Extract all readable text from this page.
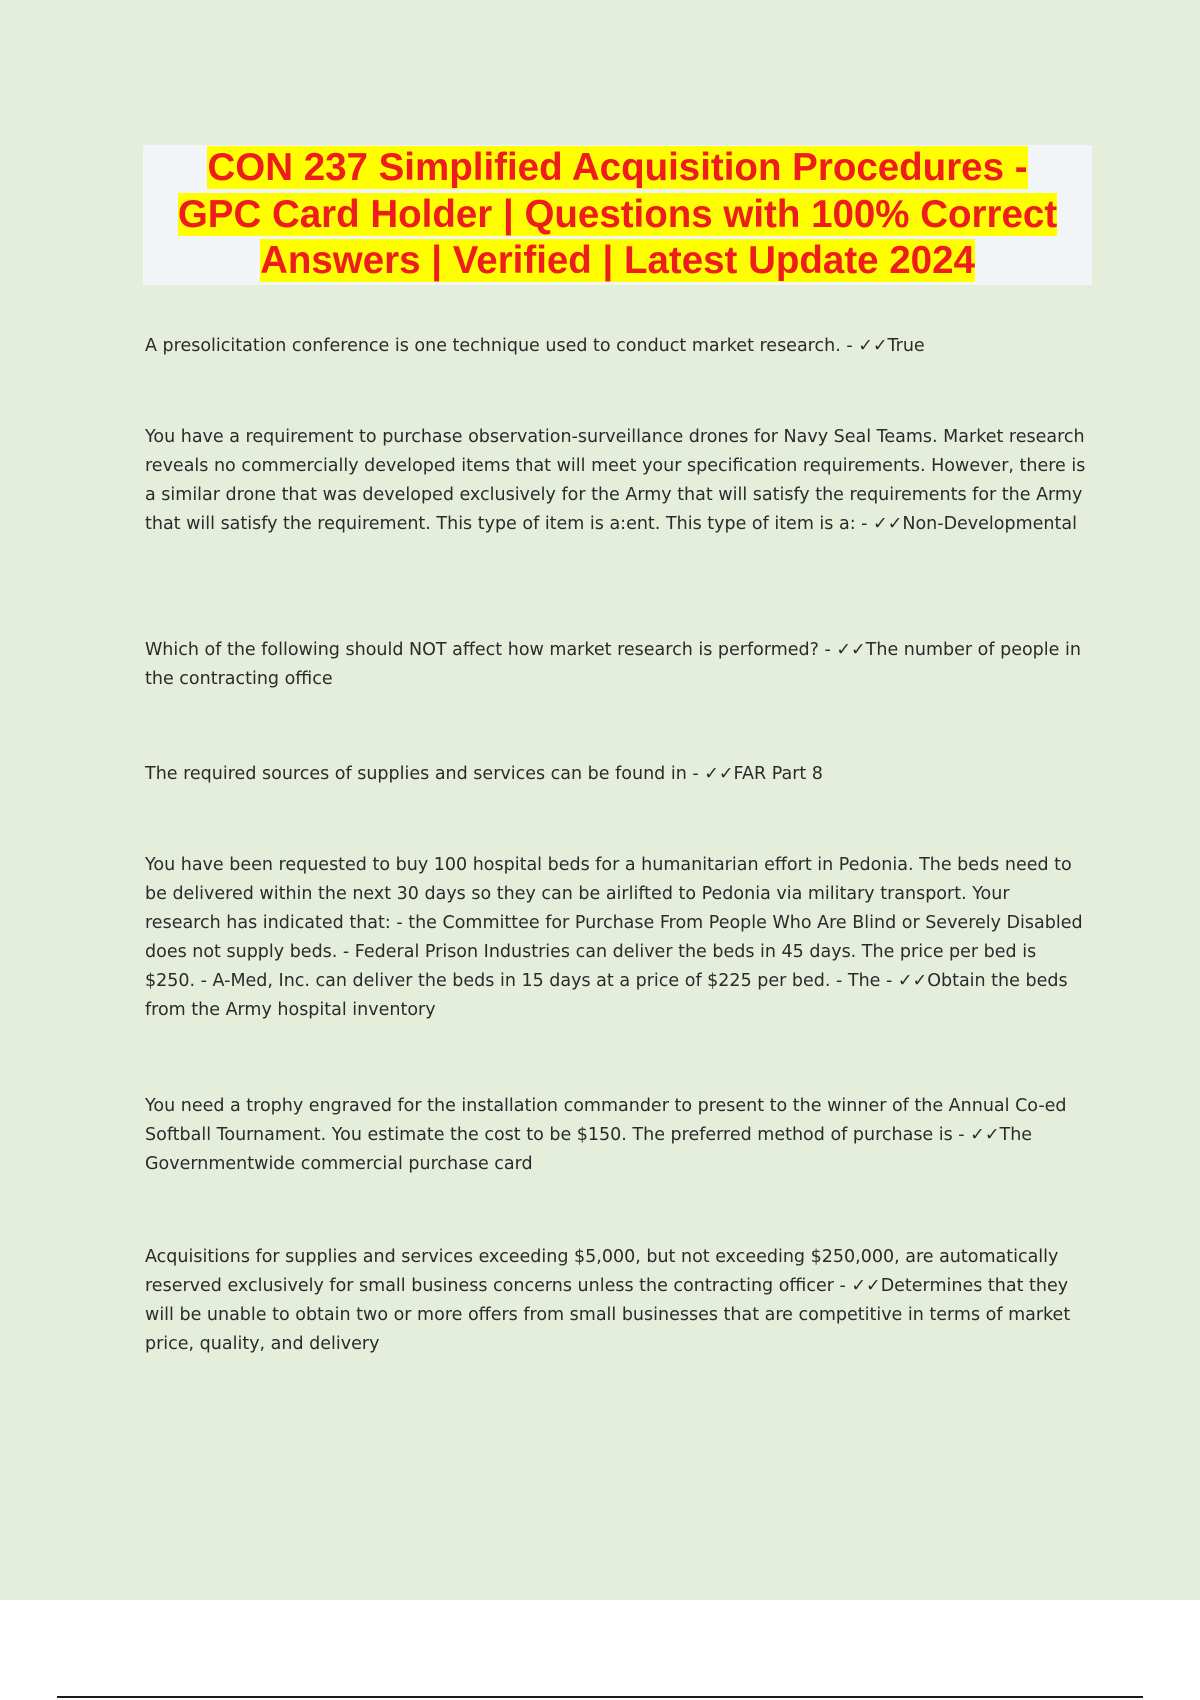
CON 237 Simplified Acquisition Procedures -
GPC Card Holder | Questions with 100% Correct
Answers | Verified | Latest Update 2024

A presolicitation conference is one technique used to conduct market research. - ✓✓True

You have a requirement to purchase observation-surveillance drones for Navy Seal Teams. Market research reveals no commercially developed items that will meet your specification requirements. However, there is a similar drone that was developed exclusively for the Army that will satisfy the requirements for the Army that will satisfy the requirement. This type of item is a:ent. This type of item is a: - ✓✓Non-Developmental

Which of the following should NOT affect how market research is performed? - ✓✓The number of people in the contracting office

The required sources of supplies and services can be found in - ✓✓FAR Part 8

You have been requested to buy 100 hospital beds for a humanitarian effort in Pedonia. The beds need to be delivered within the next 30 days so they can be airlifted to Pedonia via military transport. Your research has indicated that: - the Committee for Purchase From People Who Are Blind or Severely Disabled does not supply beds. - Federal Prison Industries can deliver the beds in 45 days. The price per bed is $250. - A-Med, Inc. can deliver the beds in 15 days at a price of $225 per bed. - The - ✓✓Obtain the beds from the Army hospital inventory

You need a trophy engraved for the installation commander to present to the winner of the Annual Co-ed Softball Tournament. You estimate the cost to be $150. The preferred method of purchase is - ✓✓The Governmentwide commercial purchase card

Acquisitions for supplies and services exceeding $5,000, but not exceeding $250,000, are automatically reserved exclusively for small business concerns unless the contracting officer - ✓✓Determines that they will be unable to obtain two or more offers from small businesses that are competitive in terms of market price, quality, and delivery
